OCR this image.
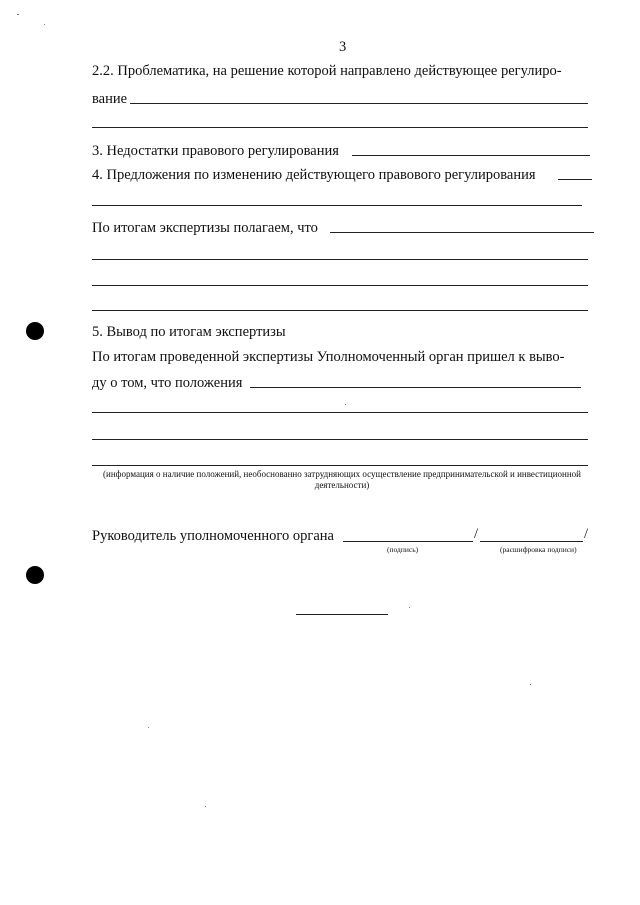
3
2.2. Проблематика, на решение которой направлено действующее регулиро-
вание
3. Недостатки правового регулирования
4. Предложения по изменению действующего правового регулирования
По итогам экспертизы полагаем, что
5. Вывод по итогам экспертизы
По итогам проведенной экспертизы Уполномоченный орган пришел к выво-
ду о том, что положения
(информация о наличие положений, необоснованно затрудняющих осуществление предпринимательской и инвестиционной деятельности)
Руководитель уполномоченного органа	/	/
(подпись)	(расшифровка подписи)
